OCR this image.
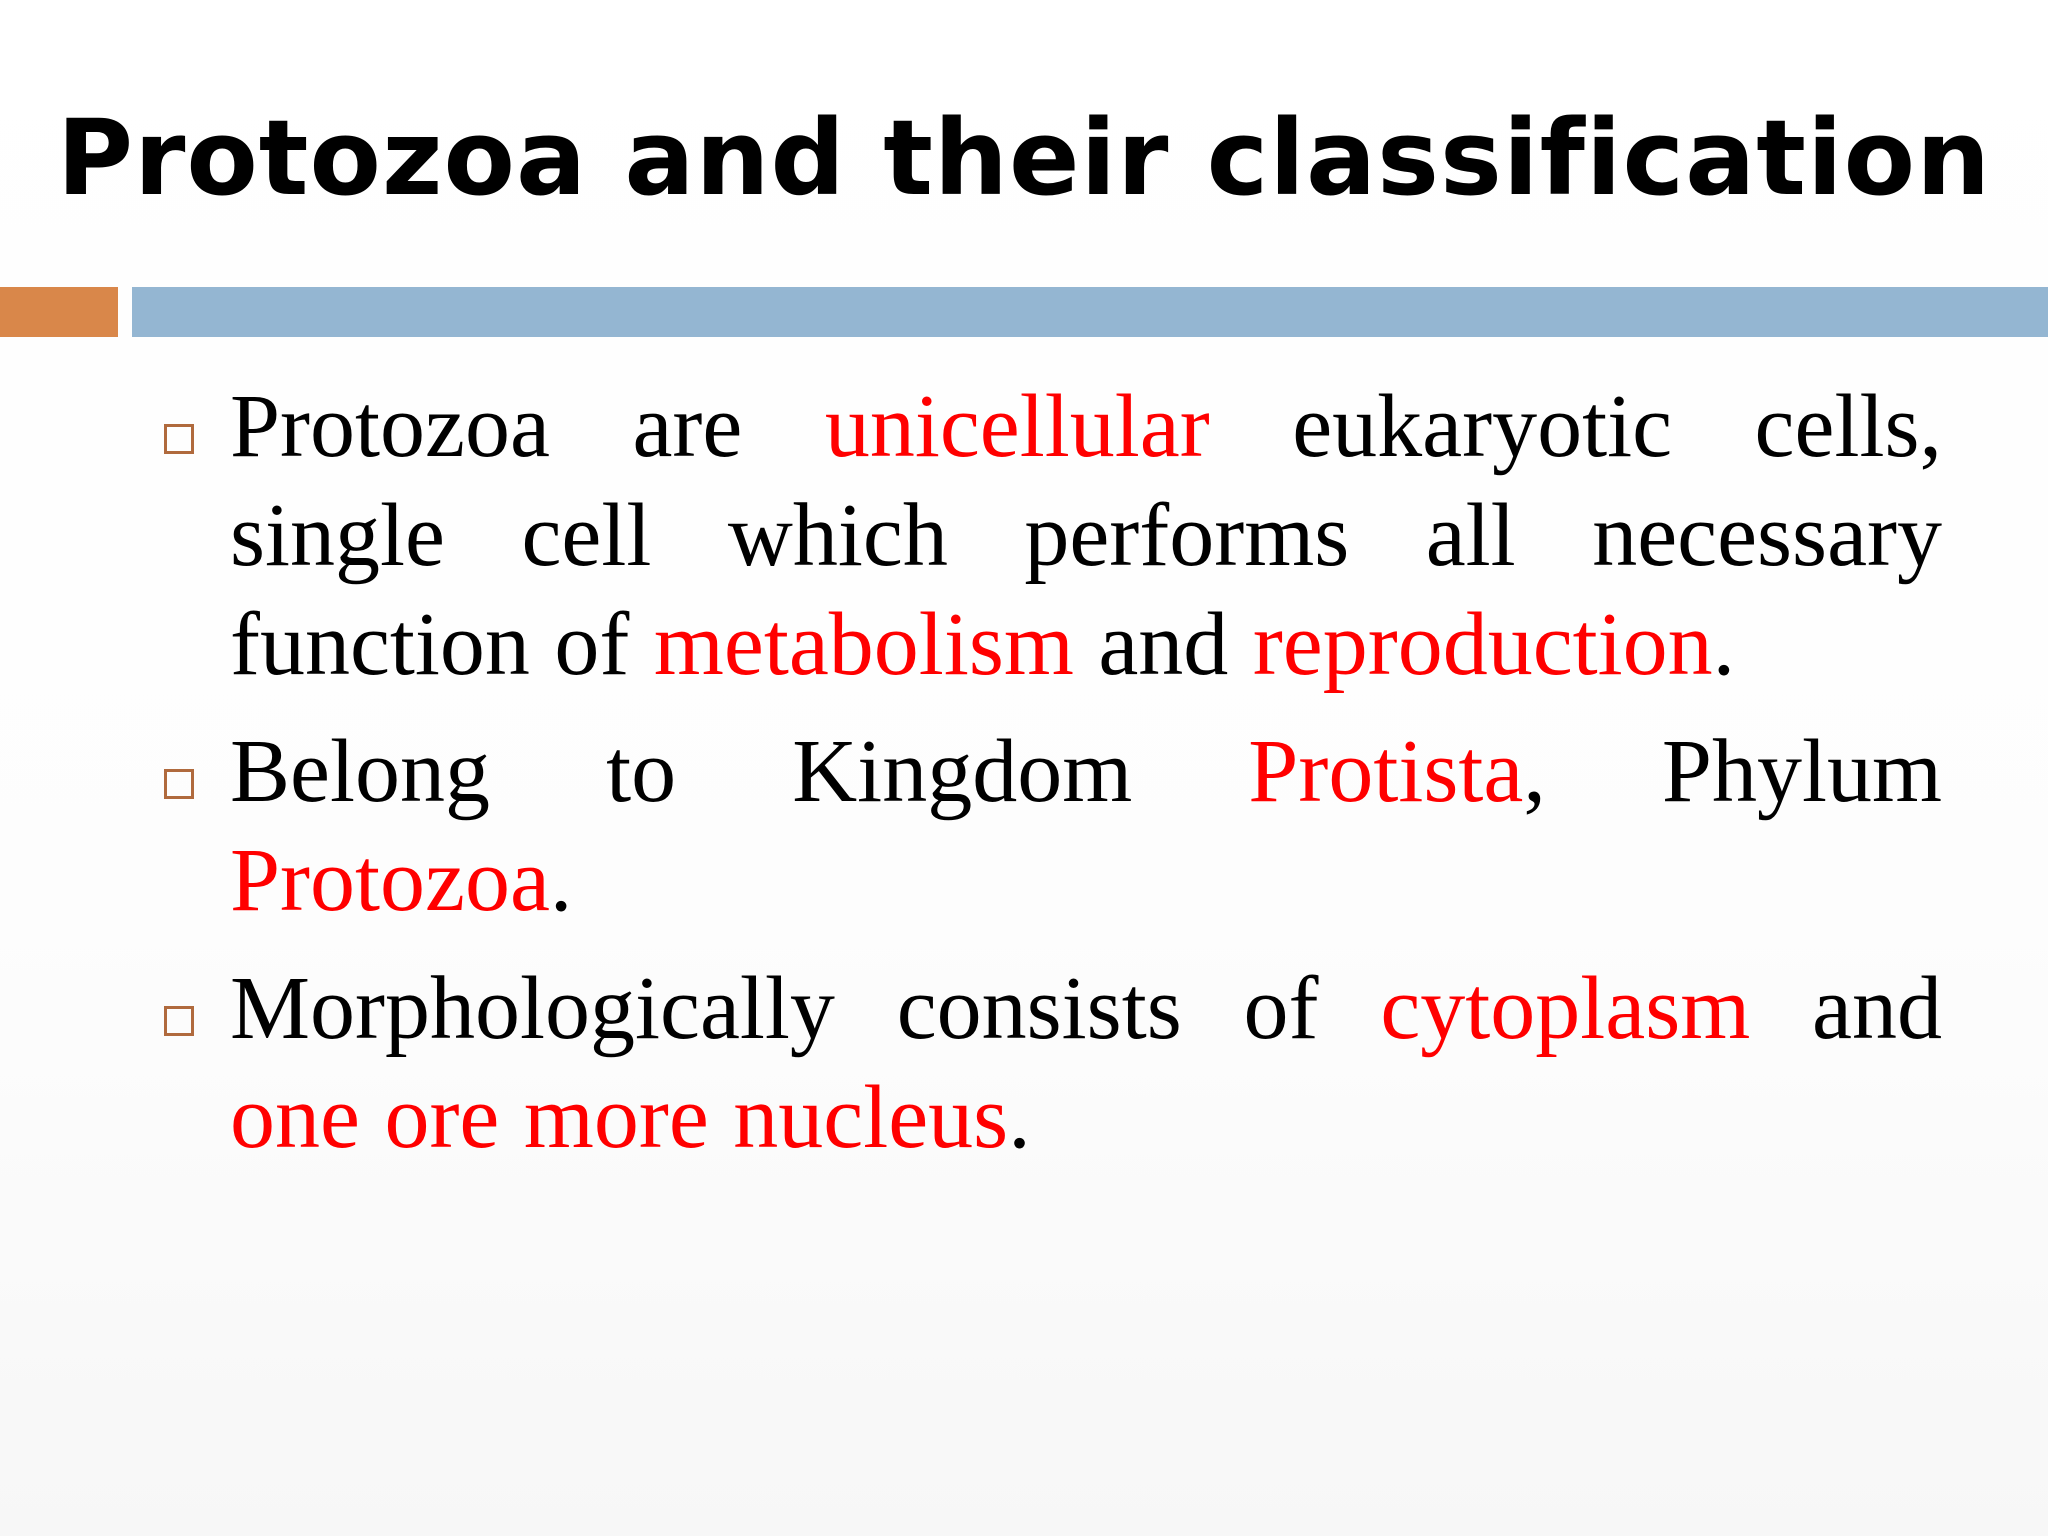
Protozoa and their classification
Protozoa are unicellular eukaryotic cells, single cell which performs all necessary function of metabolism and reproduction.
Belong to Kingdom Protista, Phylum Protozoa.
Morphologically consists of cytoplasm and one ore more nucleus.
